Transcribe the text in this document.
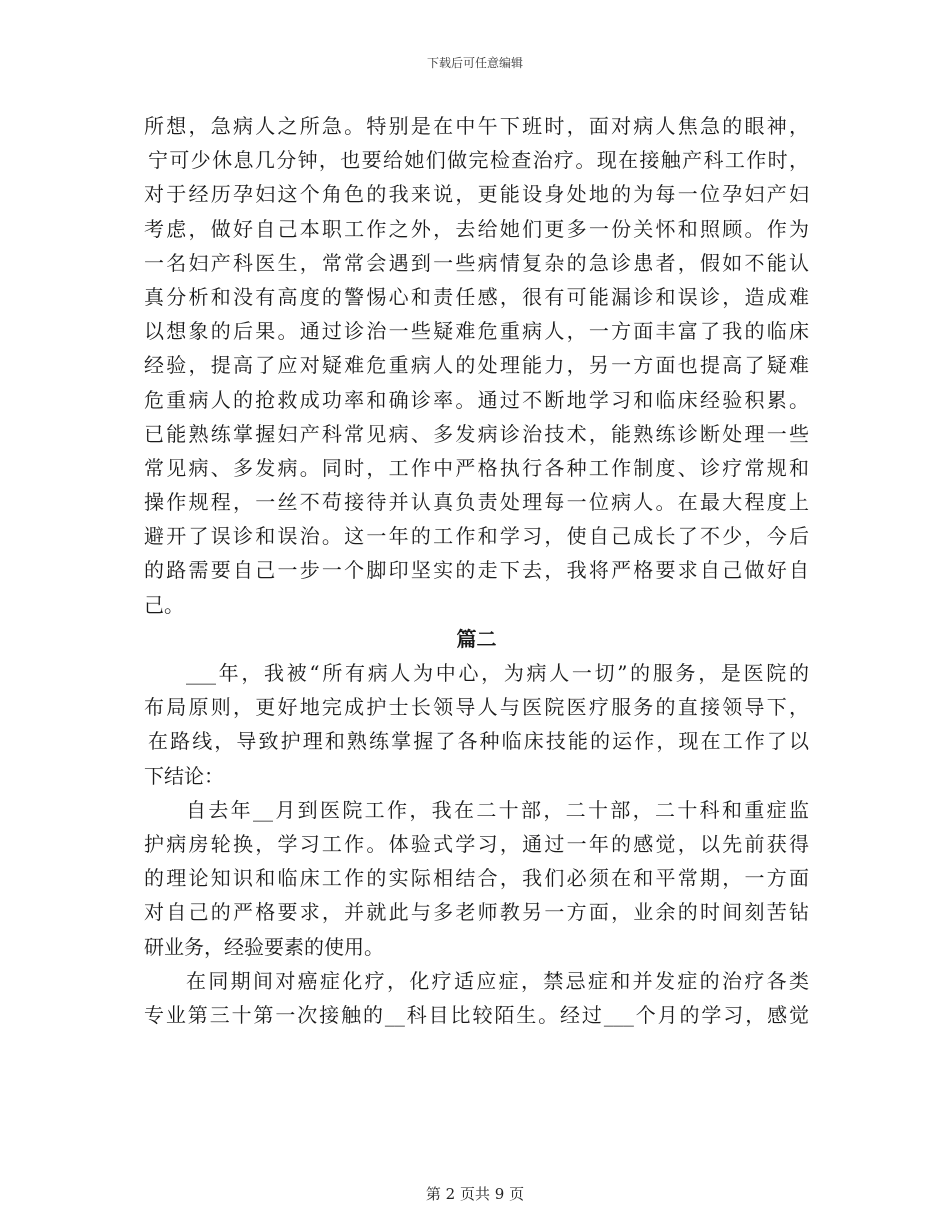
下载后可任意编辑
所想，急病人之所急。特别是在中午下班时，面对病人焦急的眼神，
宁可少休息几分钟，也要给她们做完检查治疗。现在接触产科工作时，
对于经历孕妇这个角色的我来说，更能设身处地的为每一位孕妇产妇
考虑，做好自己本职工作之外，去给她们更多一份关怀和照顾。作为
一名妇产科医生，常常会遇到一些病情复杂的急诊患者，假如不能认
真分析和没有高度的警惕心和责任感，很有可能漏诊和误诊，造成难
以想象的后果。通过诊治一些疑难危重病人，一方面丰富了我的临床
经验，提高了应对疑难危重病人的处理能力，另一方面也提高了疑难
危重病人的抢救成功率和确诊率。通过不断地学习和临床经验积累。
已能熟练掌握妇产科常见病、多发病诊治技术，能熟练诊断处理一些
常见病、多发病。同时，工作中严格执行各种工作制度、诊疗常规和
操作规程，一丝不苟接待并认真负责处理每一位病人。在最大程度上
避开了误诊和误治。这一年的工作和学习，使自己成长了不少，今后
的路需要自己一步一个脚印坚实的走下去，我将严格要求自己做好自
己。
篇二
___年，我被“所有病人为中心，为病人一切”的服务，是医院的
布局原则，更好地完成护士长领导人与医院医疗服务的直接领导下，
在路线，导致护理和熟练掌握了各种临床技能的运作，现在工作了以
下结论：
自去年__月到医院工作，我在二十部，二十部，二十科和重症监
护病房轮换，学习工作。体验式学习，通过一年的感觉，以先前获得
的理论知识和临床工作的实际相结合，我们必须在和平常期，一方面
对自己的严格要求，并就此与多老师教另一方面，业余的时间刻苦钻
研业务，经验要素的使用。
在同期间对癌症化疗，化疗适应症，禁忌症和并发症的治疗各类
专业第三十第一次接触的__科目比较陌生。经过___个月的学习，感觉
第 2 页共 9 页
